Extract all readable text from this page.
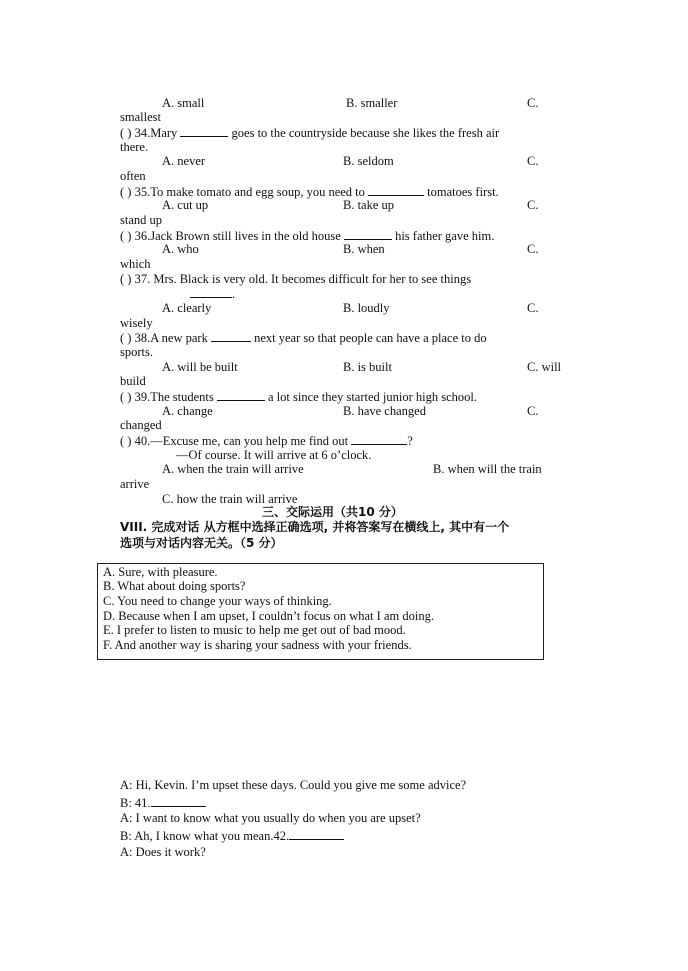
A. small	B. smaller	C.
smallest
( ) 34.Mary	goes to the countryside because she likes the fresh air
there.
A. never	B. seldom	C.
often
( ) 35.To make tomato and egg soup, you need to	tomatoes first.
A. cut up	B. take up	C.
stand up
( ) 36.Jack Brown still lives in the old house	his father gave him.
A. who	B. when	C.
which
( ) 37. Mrs. Black is very old. It becomes difficult for her to see things
.
A. clearly	B. loudly	C.
wisely
( ) 38.A new park	next year so that people can have a place to do
sports.
A. will be built	B. is built	C. will
build
( ) 39.The students	a lot since they started junior high school.
A. change	B. have changed	C.
changed
( ) 40.—Excuse me, can you help me find out	?
—Of course. It will arrive at 6 o’clock.
A. when the train will arrive	B. when will the train
arrive
C. how the train will arrive
三、交际运用（共10 分）
VIII. 完成对话 从方框中选择正确选项, 并将答案写在横线上, 其中有一个
选项与对话内容无关。（5 分）
A. Sure, with pleasure.
B. What about doing sports?
C. You need to change your ways of thinking.
D. Because when I am upset, I couldn’t focus on what I am doing.
E. I prefer to listen to music to help me get out of bad mood.
F. And another way is sharing your sadness with your friends.
A: Hi, Kevin. I’m upset these days. Could you give me some advice?
B: 41.
A: I want to know what you usually do when you are upset?
B: Ah, I know what you mean.42.
A: Does it work?
